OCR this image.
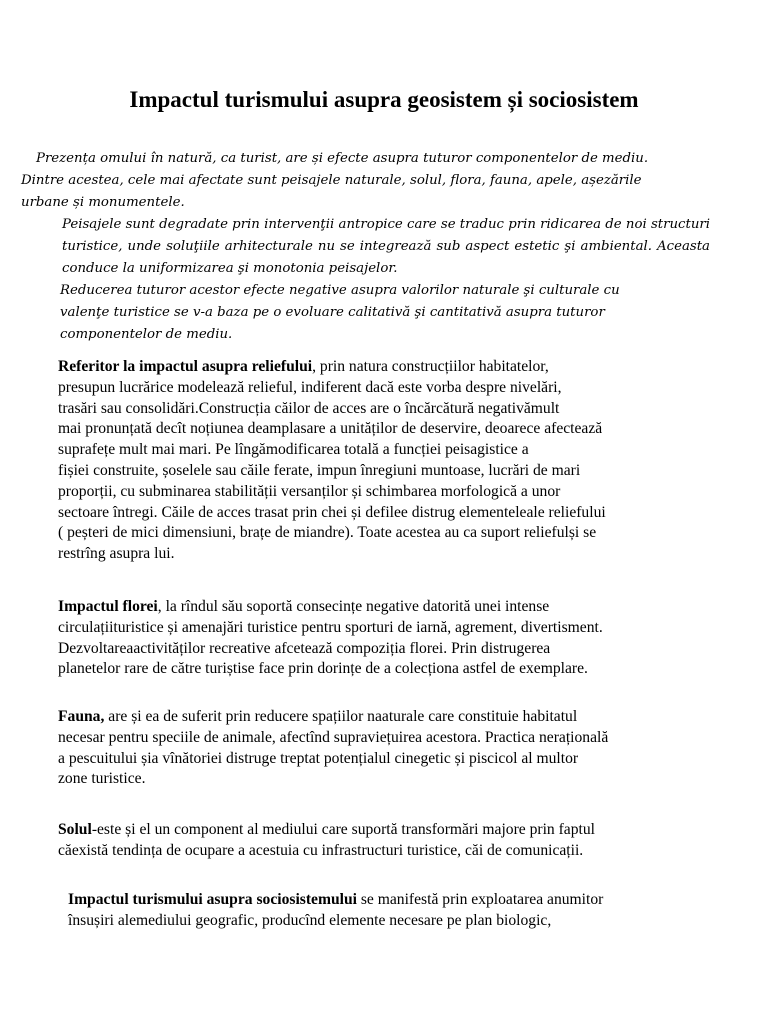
Impactul turismului asupra geosistem și sociosistem

Prezența omului în natură, ca turist, are și efecte asupra tuturor componentelor de mediu.
Dintre acestea, cele mai afectate sunt peisajele naturale, solul, flora, fauna, apele, așezările
urbane și monumentele.

Peisajele sunt degradate prin intervenţii antropice care se traduc prin ridicarea de noi structuri turistice, unde soluţiile arhitecturale nu se integrează sub aspect estetic şi ambiental. Aceasta conduce la uniformizarea şi monotonia peisajelor.

Reducerea tuturor acestor efecte negative asupra valorilor naturale şi culturale cu valenţe turistice se v-a baza pe o evoluare calitativă şi cantitativă asupra tuturor componentelor de mediu.

Referitor la impactul asupra reliefului, prin natura construcțiilor habitatelor,
presupun lucrărice modelează relieful, indiferent dacă este vorba despre nivelări,
trasări sau consolidări.Construcția căilor de acces are o încărcătură negativămult
mai pronunțată decît noțiunea deamplasare a unităților de deservire, deoarece afectează
suprafețe mult mai mari. Pe lîngămodificarea totală a funcției peisagistice a
fișiei construite, șoselele sau căile ferate, impun înregiuni muntoase, lucrări de mari
proporții, cu subminarea stabilității versanților și schimbarea morfologică a unor
sectoare întregi. Căile de acces trasat prin chei și defilee distrug elementeleale reliefului
( peșteri de mici dimensiuni, brațe de miandre). Toate acestea au ca suport reliefulși se
restrîng asupra lui.
Impactul florei, la rîndul său soportă consecințe negative datorită unei intense
circulațiituristice și amenajări turistice pentru sporturi de iarnă, agrement, divertisment.
Dezvoltareaactivităților recreative afcetează compoziția florei. Prin distrugerea
planetelor rare de către turiștise face prin dorințe de a colecționa astfel de exemplare.
Fauna, are și ea de suferit prin reducere spațiilor naaturale care constituie habitatul
necesar pentru speciile de animale, afectînd supraviețuirea acestora. Practica nerațională
a pescuitului șia vînătoriei distruge treptat potențialul cinegetic și piscicol al multor
zone turistice.
Solul-este și el un component al mediului care suportă transformări majore prin faptul
căexistă tendința de ocupare a acestuia cu infrastructuri turistice, căi de comunicații.
Impactul turismului asupra sociosistemului se manifestă prin exploatarea anumitor
însușiri alemediului geografic, producînd elemente necesare pe plan biologic,
